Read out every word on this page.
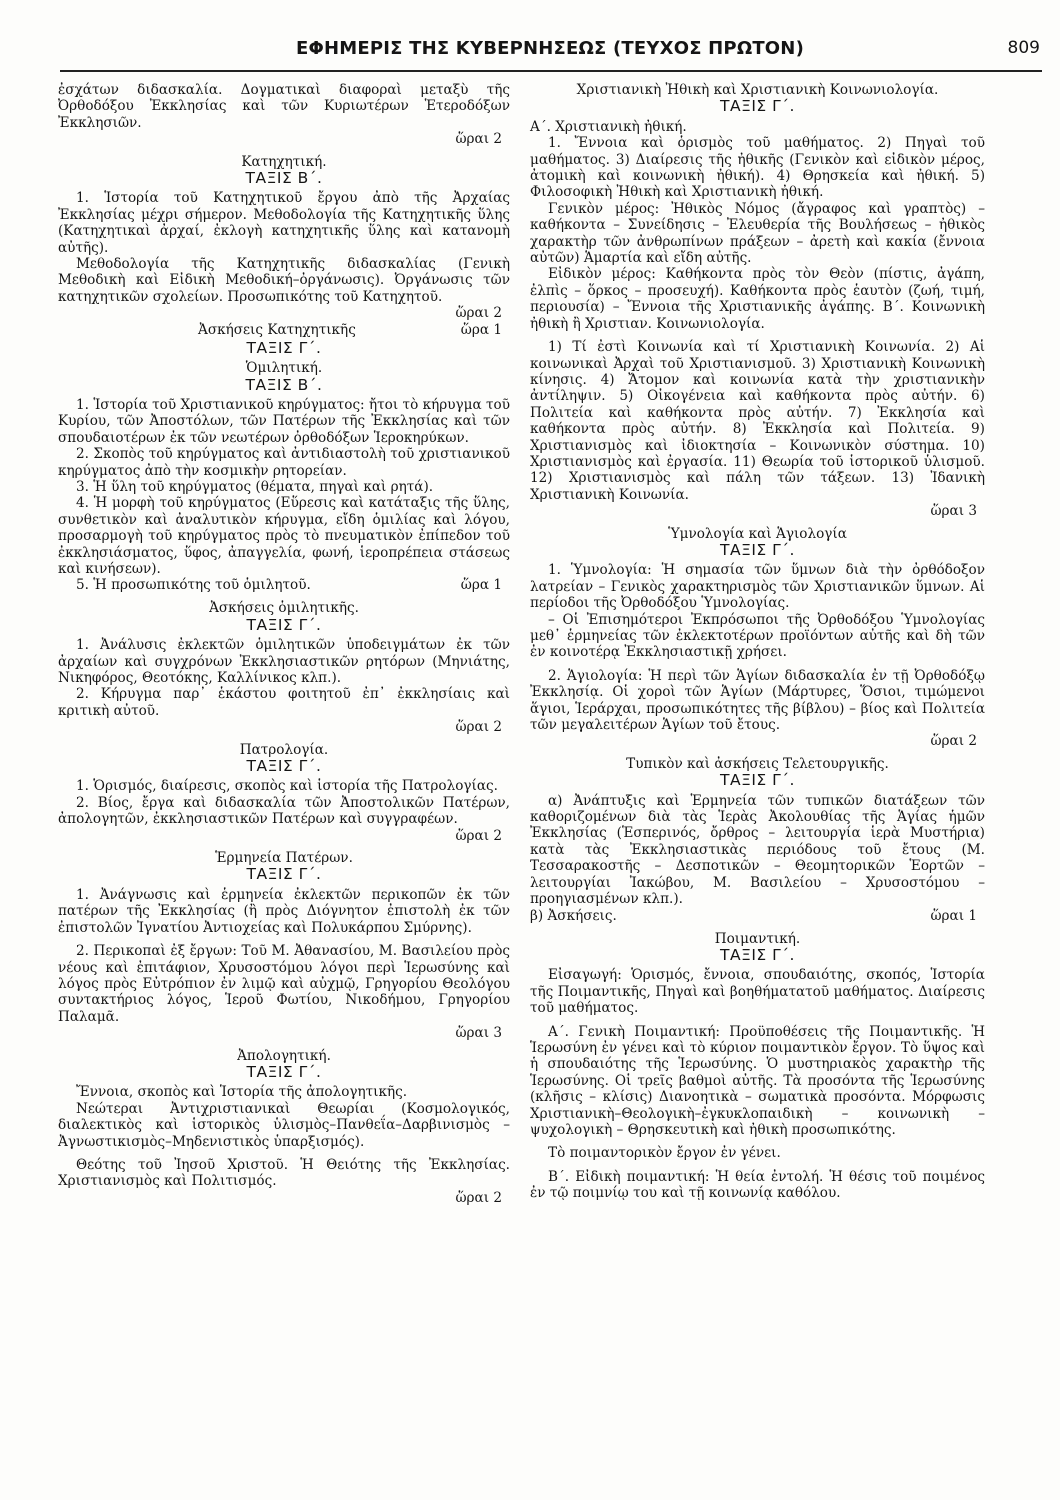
ΕΦΗΜΕΡΙΣ ΤΗΣ ΚΥΒΕΡΝΗΣΕΩΣ (ΤΕΥΧΟΣ ΠΡΩΤΟΝ)	809

ἐσχάτων διδασκαλία. Δογματικαὶ διαφοραὶ μεταξὺ τῆς Ὀρθοδόξου Ἐκκλησίας καὶ τῶν Κυριωτέρων Ἑτεροδόξων Ἐκκλησιῶν.

ὥραι 2
Κατηχητική.
ΤΑΞΙΣ Β΄.

1. Ἱστορία τοῦ Κατηχητικοῦ ἔργου ἀπὸ τῆς Ἀρχαίας Ἐκκλησίας μέχρι σήμερον. Μεθοδολογία τῆς Κατηχητικῆς ὕλης (Κατηχητικαὶ ἀρχαί, ἐκλογὴ κατηχητικῆς ὕλης καὶ κατανομὴ αὐτῆς).

Μεθοδολογία τῆς Κατηχητικῆς διδασκαλίας (Γενικὴ Μεθοδικὴ καὶ Εἰδικὴ Μεθοδική–ὀργάνωσις). Ὀργάνωσις τῶν κατηχητικῶν σχολείων. Προσωπικότης τοῦ Κατηχητοῦ.

ὥραι 2
Ἀσκήσεις Κατηχητικῆς	ὥρα 1
ΤΑΞΙΣ Γ΄.
Ὁμιλητική.
ΤΑΞΙΣ Β΄.

1. Ἱστορία τοῦ Χριστιανικοῦ κηρύγματος: ἤτοι τὸ κήρυγμα τοῦ Κυρίου, τῶν Ἀποστόλων, τῶν Πατέρων τῆς Ἐκκλησίας καὶ τῶν σπουδαιοτέρων ἐκ τῶν νεωτέρων ὀρθοδόξων Ἱεροκηρύκων.

2. Σκοπὸς τοῦ κηρύγματος καὶ ἀντιδιαστολὴ τοῦ χριστιανικοῦ κηρύγματος ἀπὸ τὴν κοσμικὴν ρητορείαν.

3. Ἡ ὕλη τοῦ κηρύγματος (θέματα, πηγαὶ καὶ ρητά).

4. Ἡ μορφὴ τοῦ κηρύγματος (Εὕρεσις καὶ κατάταξις τῆς ὕλης, συνθετικὸν καὶ ἀναλυτικὸν κήρυγμα, εἴδη ὁμιλίας καὶ λόγου, προσαρμογὴ τοῦ κηρύγματος πρὸς τὸ πνευματικὸν ἐπίπεδον τοῦ ἐκκλησιάσματος, ὕφος, ἀπαγγελία, φωνή, ἱεροπρέπεια στάσεως καὶ κινήσεων).

5. Ἡ προσωπικότης τοῦ ὁμιλητοῦ.	ὥρα 1
Ἀσκήσεις ὁμιλητικῆς.
ΤΑΞΙΣ Γ΄.

1. Ἀνάλυσις ἐκλεκτῶν ὁμιλητικῶν ὑποδειγμάτων ἐκ τῶν ἀρχαίων καὶ συγχρόνων Ἐκκλησιαστικῶν ρητόρων (Μηνιάτης, Νικηφόρος, Θεοτόκης, Καλλίνικος κλπ.).

2. Κήρυγμα παρ᾽ ἑκάστου φοιτητοῦ ἐπ᾽ ἐκκλησίαις καὶ κριτικὴ αὐτοῦ.

ὥραι 2
Πατρολογία.
ΤΑΞΙΣ Γ΄.

1. Ὁρισμός, διαίρεσις, σκοπὸς καὶ ἱστορία τῆς Πατρολογίας.

2. Βίος, ἔργα καὶ διδασκαλία τῶν Ἀποστολικῶν Πατέρων, ἀπολογητῶν, ἐκκλησιαστικῶν Πατέρων καὶ συγγραφέων.

ὥραι 2
Ἑρμηνεία Πατέρων.
ΤΑΞΙΣ Γ΄.

1. Ἀνάγνωσις καὶ ἑρμηνεία ἐκλεκτῶν περικοπῶν ἐκ τῶν πατέρων τῆς Ἐκκλησίας (ἢ πρὸς Διόγνητον ἐπιστολὴ ἐκ τῶν ἐπιστολῶν Ἰγνατίου Ἀντιοχείας καὶ Πολυκάρπου Σμύρνης).

2. Περικοπαὶ ἐξ ἔργων: Τοῦ Μ. Ἀθανασίου, Μ. Βασιλείου πρὸς νέους καὶ ἐπιτάφιον, Χρυσοστόμου λόγοι περὶ Ἱερωσύνης καὶ λόγος πρὸς Εὐτρόπιον ἐν λιμῷ καὶ αὐχμῷ, Γρηγορίου Θεολόγου συντακτήριος λόγος, Ἱεροῦ Φωτίου, Νικοδήμου, Γρηγορίου Παλαμᾶ.

ὥραι 3
Ἀπολογητική.
ΤΑΞΙΣ Γ΄.

Ἔννοια, σκοπὸς καὶ Ἱστορία τῆς ἀπολογητικῆς.

Νεώτεραι Ἀντιχριστιανικαὶ Θεωρίαι (Κοσμολογικός, διαλεκτικὸς καὶ ἱστορικὸς ὑλισμὸς–Πανθεΐα–Δαρβινισμὸς –Ἀγνωστικισμὸς–Μηδενιστικὸς ὑπαρξισμός).

Θεότης τοῦ Ἰησοῦ Χριστοῦ. Ἡ Θειότης τῆς Ἐκκλησίας. Χριστιανισμὸς καὶ Πολιτισμός.

ὥραι 2
Χριστιανικὴ Ἠθικὴ καὶ Χριστιανικὴ Κοινωνιολογία.
ΤΑΞΙΣ Γ΄.

Α΄. Χριστιανικὴ ἠθική.

1. Ἔννοια καὶ ὁρισμὸς τοῦ μαθήματος. 2) Πηγαὶ τοῦ μαθήματος. 3) Διαίρεσις τῆς ἠθικῆς (Γενικὸν καὶ εἰδικὸν μέρος, ἀτομικὴ καὶ κοινωνικὴ ἠθική). 4) Θρησκεία καὶ ἠθική. 5) Φιλοσοφικὴ Ἠθικὴ καὶ Χριστιανικὴ ἠθική.

Γενικὸν μέρος: Ἠθικὸς Νόμος (ἄγραφος καὶ γραπτὸς) – καθήκοντα – Συνείδησις – Ἐλευθερία τῆς Βουλήσεως – ἠθικὸς χαρακτὴρ τῶν ἀνθρωπίνων πράξεων – ἀρετὴ καὶ κακία (ἔννοια αὐτῶν) Ἁμαρτία καὶ εἴδη αὐτῆς.

Εἰδικὸν μέρος: Καθήκοντα πρὸς τὸν Θεὸν (πίστις, ἀγάπη, ἐλπὶς – ὅρκος – προσευχή). Καθήκοντα πρὸς ἑαυτὸν (ζωή, τιμή, περιουσία) – Ἔννοια τῆς Χριστιανικῆς ἀγάπης. Β΄. Κοινωνικὴ ἠθικὴ ἢ Χριστιαν. Κοινωνιολογία.

1) Τί ἐστὶ Κοινωνία καὶ τί Χριστιανικὴ Κοινωνία. 2) Αἱ κοινωνικαὶ Ἀρχαὶ τοῦ Χριστιανισμοῦ. 3) Χριστιανικὴ Κοινωνικὴ κίνησις. 4) Ἄτομον καὶ κοινωνία κατὰ τὴν χριστιανικὴν ἀντίληψιν. 5) Οἰκογένεια καὶ καθήκοντα πρὸς αὐτήν. 6) Πολιτεία καὶ καθήκοντα πρὸς αὐτήν. 7) Ἐκκλησία καὶ καθήκοντα πρὸς αὐτήν. 8) Ἐκκλησία καὶ Πολιτεία. 9) Χριστιανισμὸς καὶ ἰδιοκτησία – Κοινωνικὸν σύστημα. 10) Χριστιανισμὸς καὶ ἐργασία. 11) Θεωρία τοῦ ἱστορικοῦ ὑλισμοῦ. 12) Χριστιανισμὸς καὶ πάλη τῶν τάξεων. 13) Ἰδανικὴ Χριστιανικὴ Κοινωνία.

ὥραι 3
Ὑμνολογία καὶ Ἁγιολογία
ΤΑΞΙΣ Γ΄.

1. Ὑμνολογία: Ἡ σημασία τῶν ὕμνων διὰ τὴν ὀρθόδοξον λατρείαν – Γενικὸς χαρακτηρισμὸς τῶν Χριστιανικῶν ὕμνων. Αἱ περίοδοι τῆς Ὀρθοδόξου Ὑμνολογίας.

– Οἱ Ἐπισημότεροι Ἐκπρόσωποι τῆς Ὀρθοδόξου Ὑμνολογίας μεθ᾽ ἑρμηνείας τῶν ἐκλεκτοτέρων προϊόντων αὐτῆς καὶ δὴ τῶν ἐν κοινοτέρᾳ Ἐκκλησιαστικῇ χρήσει.

2. Ἁγιολογία: Ἡ περὶ τῶν Ἁγίων διδασκαλία ἐν τῇ Ὀρθοδόξῳ Ἐκκλησίᾳ. Οἱ χοροὶ τῶν Ἁγίων (Μάρτυρες, Ὅσιοι, τιμώμενοι ἅγιοι, Ἱεράρχαι, προσωπικότητες τῆς βίβλου) – βίος καὶ Πολιτεία τῶν μεγαλειτέρων Ἁγίων τοῦ ἔτους.

ὥραι 2
Τυπικὸν καὶ ἀσκήσεις Τελετουργικῆς.
ΤΑΞΙΣ Γ΄.

α) Ἀνάπτυξις καὶ Ἑρμηνεία τῶν τυπικῶν διατάξεων τῶν καθοριζομένων διὰ τὰς Ἱερὰς Ἀκολουθίας τῆς Ἁγίας ἡμῶν Ἐκκλησίας (Ἑσπερινός, ὄρθρος – λειτουργία ἱερὰ Μυστήρια) κατὰ τὰς Ἐκκλησιαστικὰς περιόδους τοῦ ἔτους (Μ. Τεσσαρακοστῆς – Δεσποτικῶν – Θεομητορικῶν Ἑορτῶν – λειτουργίαι Ἰακώβου, Μ. Βασιλείου – Χρυσοστόμου – προηγιασμένων κλπ.).

β) Ἀσκήσεις.	ὥραι 1
Ποιμαντική.
ΤΑΞΙΣ Γ΄.

Εἰσαγωγή: Ὁρισμός, ἔννοια, σπουδαιότης, σκοπός, Ἱστορία τῆς Ποιμαντικῆς, Πηγαὶ καὶ βοηθήματατοῦ μαθήματος. Διαίρεσις τοῦ μαθήματος.

Α΄. Γενικὴ Ποιμαντική: Προϋποθέσεις τῆς Ποιμαντικῆς. Ἡ Ἱερωσύνη ἐν γένει καὶ τὸ κύριον ποιμαντικὸν ἔργον. Τὸ ὕψος καὶ ἡ σπουδαιότης τῆς Ἱερωσύνης. Ὁ μυστηριακὸς χαρακτὴρ τῆς Ἱερωσύνης. Οἱ τρεῖς βαθμοὶ αὐτῆς. Τὰ προσόντα τῆς Ἱερωσύνης (κλῆσις – κλίσις) Διανοητικὰ – σωματικὰ προσόντα. Μόρφωσις Χριστιανικὴ–Θεολογικὴ–ἐγκυκλοπαιδικὴ – κοινωνικὴ – ψυχολογικὴ – Θρησκευτικὴ καὶ ἠθικὴ προσωπικότης.

Τὸ ποιμαντορικὸν ἔργον ἐν γένει.

Β΄. Εἰδικὴ ποιμαντική: Ἡ θεία ἐντολή. Ἡ θέσις τοῦ ποιμένος ἐν τῷ ποιμνίῳ του καὶ τῇ κοινωνίᾳ καθόλου.
